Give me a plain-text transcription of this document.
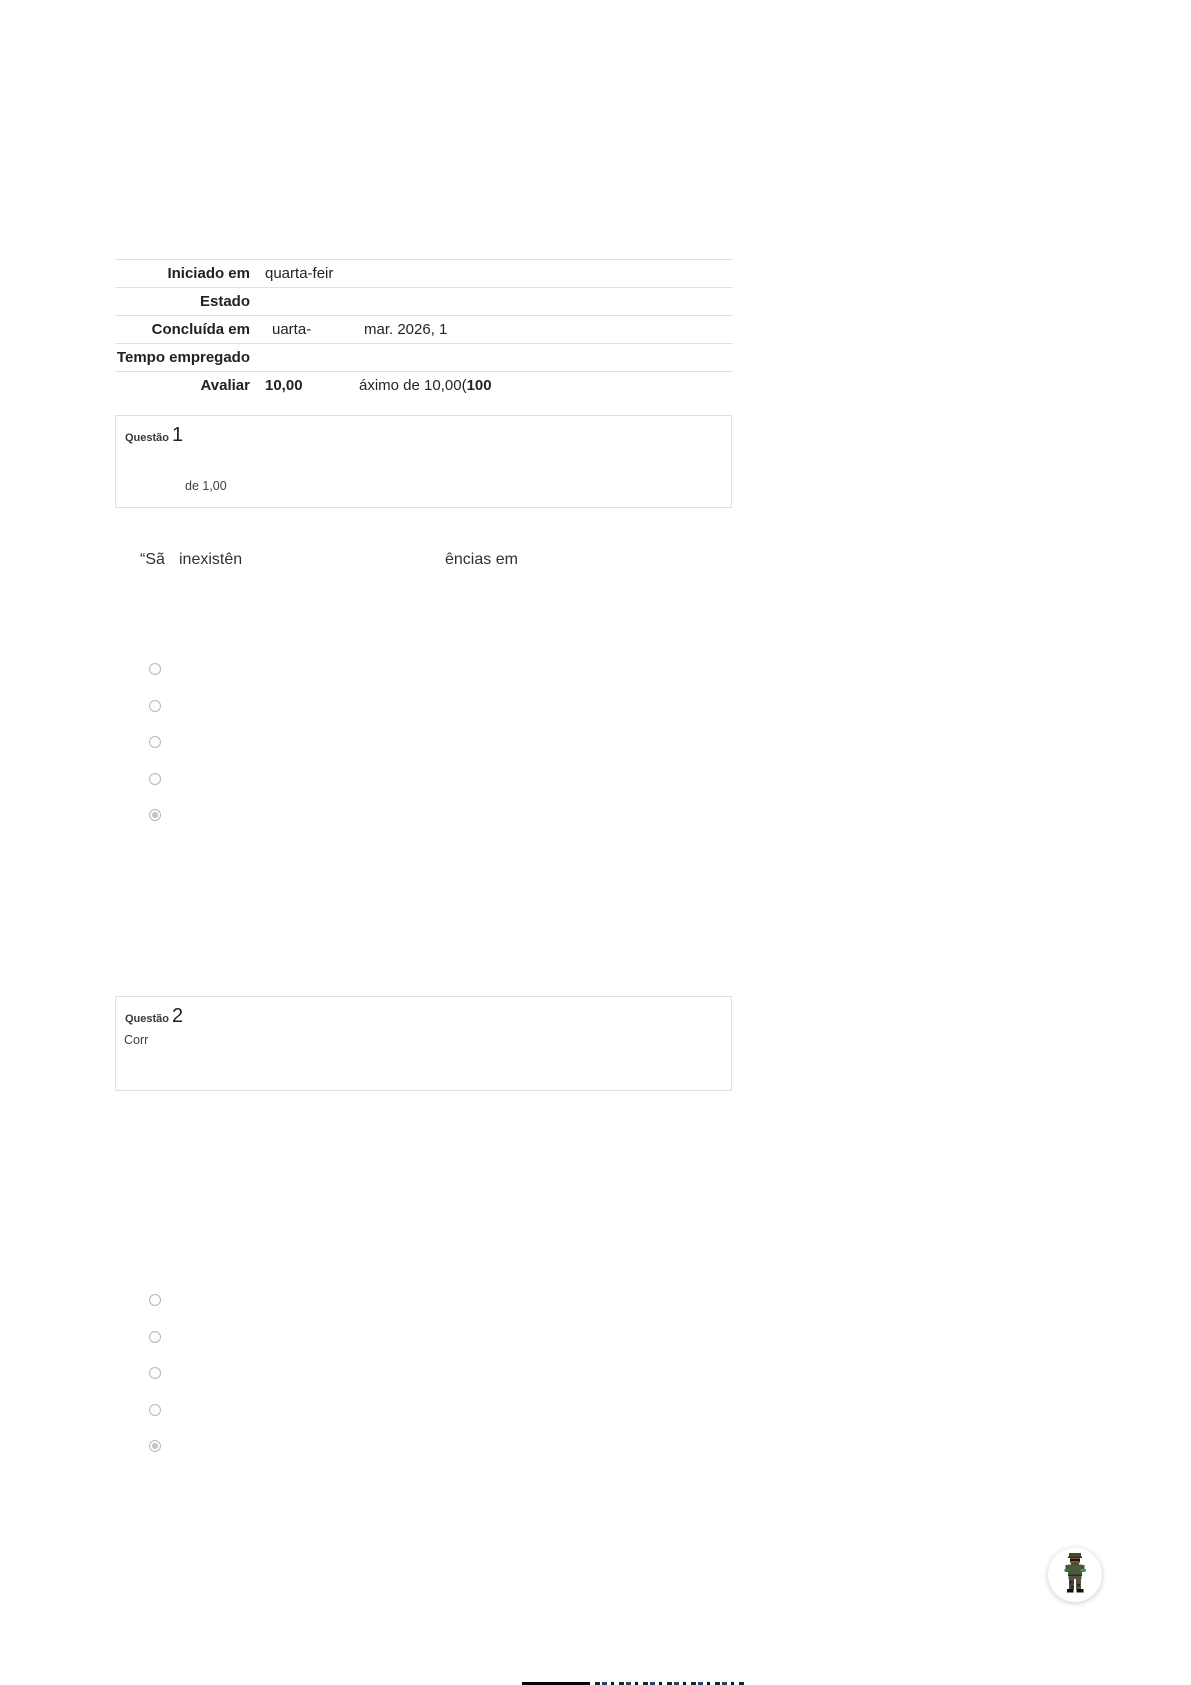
Iniciado em	quarta-feir
Estado	
Concluída em	uarta- mar. 2026, 1

Tempo empregado	
Avaliar	10,00 áximo de 10,00(100
Questão 1
de 1,00
“Sã inexistên	ências em
Questão 2
Corr
